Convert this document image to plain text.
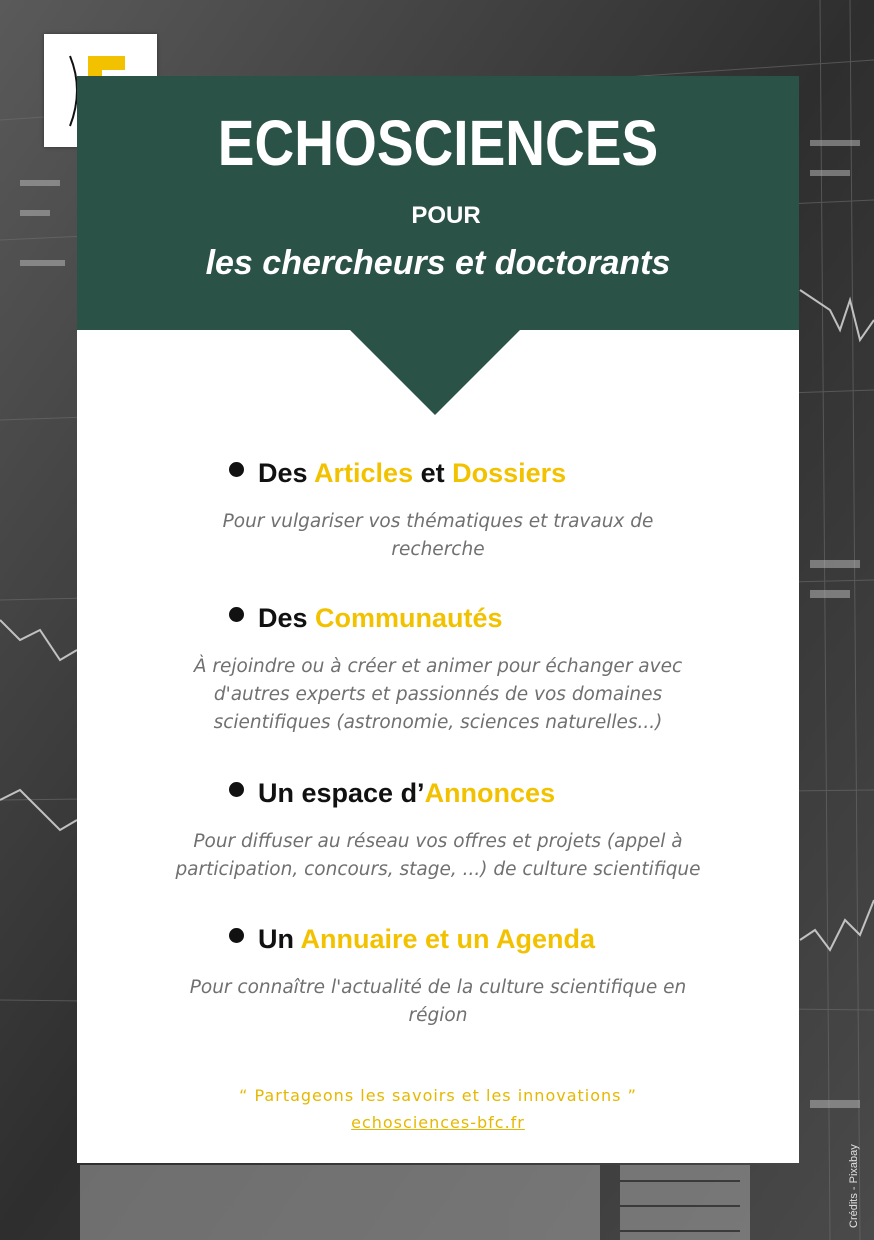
ECHOSCIENCES
POUR
les chercheurs et doctorants
Des Articles et Dossiers
Pour vulgariser vos thématiques et travaux de
recherche
Des Communautés
À rejoindre ou à créer et animer pour échanger avec
d'autres experts et passionnés de vos domaines
scientifiques (astronomie, sciences naturelles...)
Un espace d’Annonces
Pour diffuser au réseau vos offres et projets (appel à
participation, concours, stage, ...) de culture scientifique
Un Annuaire et un Agenda
Pour connaître l'actualité de la culture scientifique en
région
“ Partageons les savoirs et les innovations ”
echosciences-bfc.fr
Crédits - Pixabay
